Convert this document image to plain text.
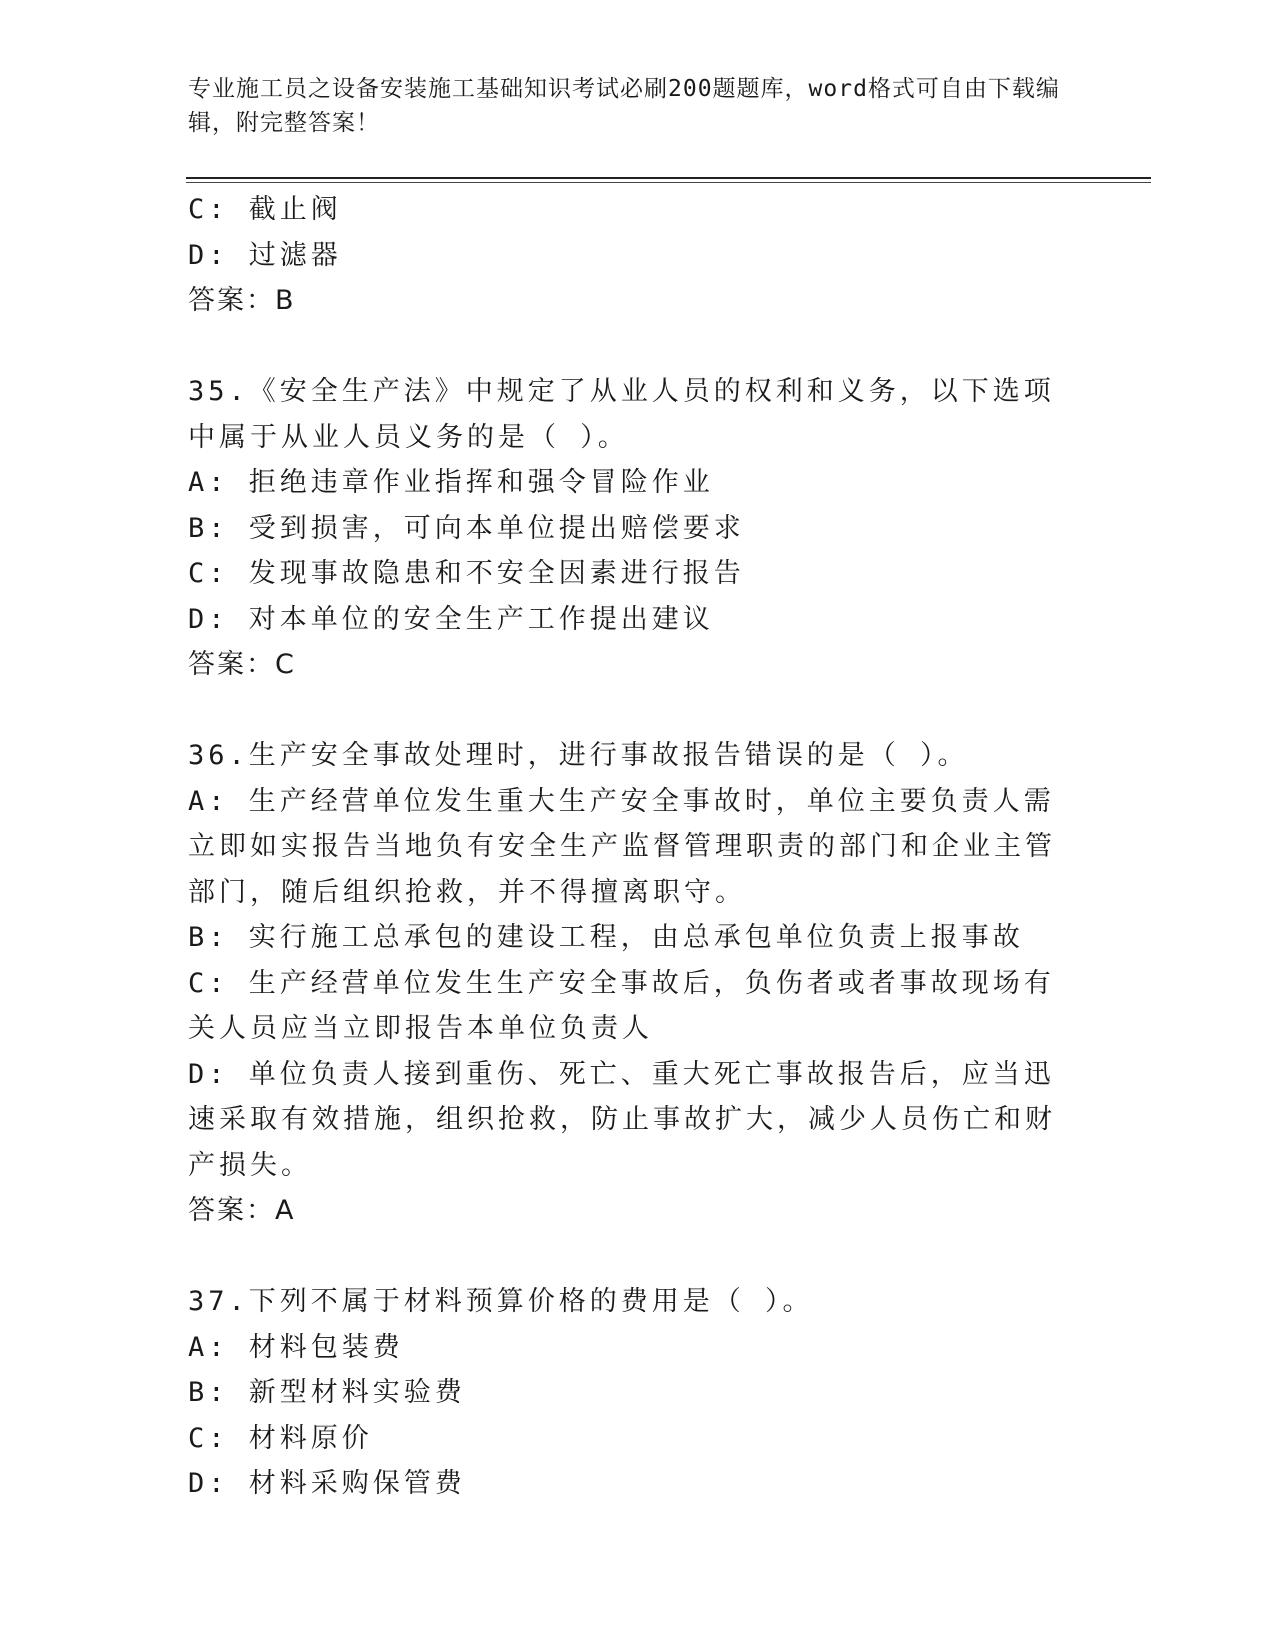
专业施工员之设备安装施工基础知识考试必刷200题题库，word格式可自由下载编辑，附完整答案！
C: 截止阀
D: 过滤器
答案：B
35.《安全生产法》中规定了从业人员的权利和义务，以下选项中属于从业人员义务的是（ ）。
A: 拒绝违章作业指挥和强令冒险作业
B: 受到损害，可向本单位提出赔偿要求
C: 发现事故隐患和不安全因素进行报告
D: 对本单位的安全生产工作提出建议
答案：C
36.生产安全事故处理时，进行事故报告错误的是（ ）。
A: 生产经营单位发生重大生产安全事故时，单位主要负责人需立即如实报告当地负有安全生产监督管理职责的部门和企业主管部门，随后组织抢救，并不得擅离职守。
B: 实行施工总承包的建设工程，由总承包单位负责上报事故
C: 生产经营单位发生生产安全事故后，负伤者或者事故现场有关人员应当立即报告本单位负责人
D: 单位负责人接到重伤、死亡、重大死亡事故报告后，应当迅速采取有效措施，组织抢救，防止事故扩大，减少人员伤亡和财产损失。
答案：A
37.下列不属于材料预算价格的费用是（ ）。
A: 材料包装费
B: 新型材料实验费
C: 材料原价
D: 材料采购保管费
